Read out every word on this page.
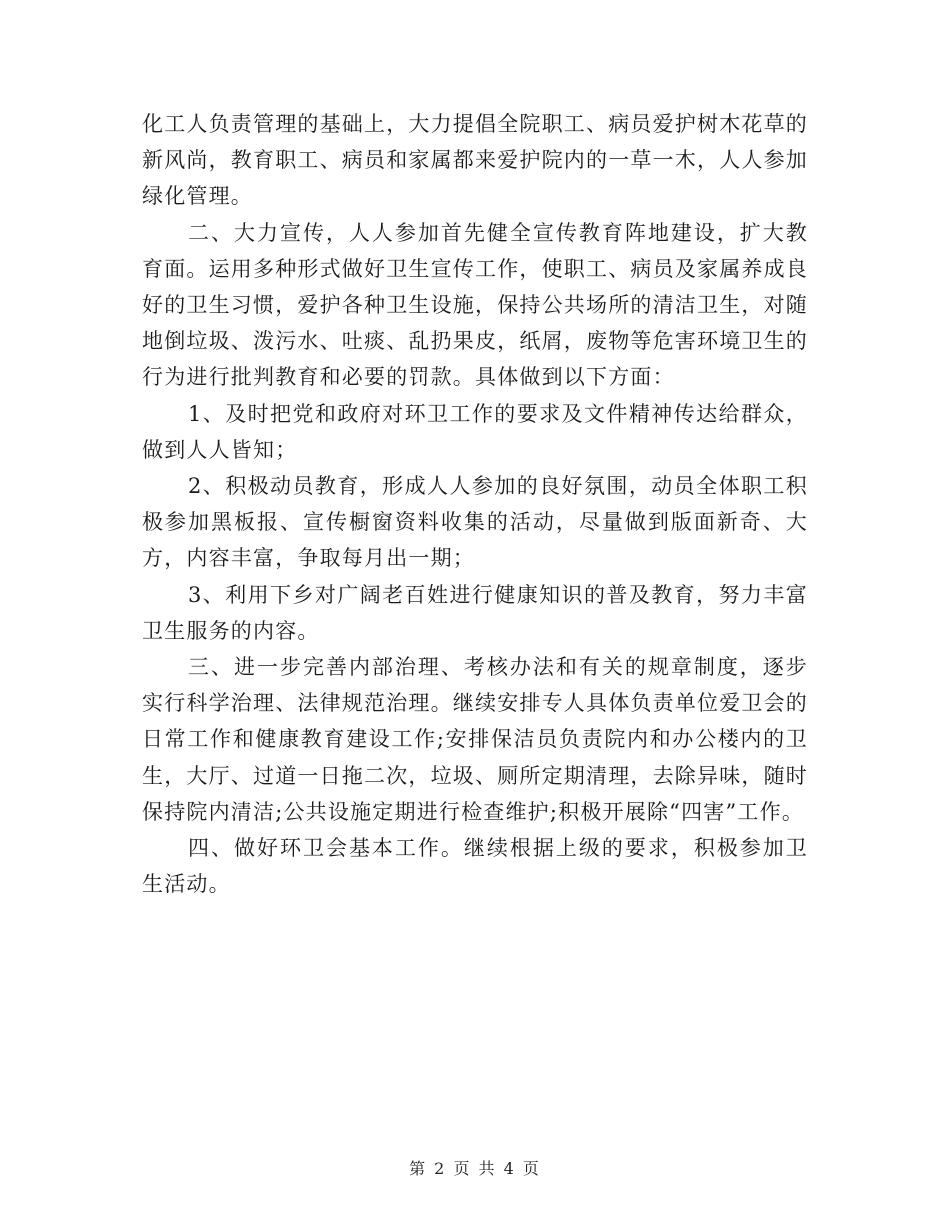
化工人负责管理的基础上，大力提倡全院职工、病员爱护树木花草的新风尚，教育职工、病员和家属都来爱护院内的一草一木，人人参加绿化管理。

二、大力宣传，人人参加首先健全宣传教育阵地建设，扩大教育面。运用多种形式做好卫生宣传工作，使职工、病员及家属养成良好的卫生习惯，爱护各种卫生设施，保持公共场所的清洁卫生，对随地倒垃圾、泼污水、吐痰、乱扔果皮，纸屑，废物等危害环境卫生的行为进行批判教育和必要的罚款。具体做到以下方面：

1、及时把党和政府对环卫工作的要求及文件精神传达给群众，做到人人皆知；

2、积极动员教育，形成人人参加的良好氛围，动员全体职工积极参加黑板报、宣传橱窗资料收集的活动，尽量做到版面新奇、大方，内容丰富，争取每月出一期；

3、利用下乡对广阔老百姓进行健康知识的普及教育，努力丰富卫生服务的内容。

三、进一步完善内部治理、考核办法和有关的规章制度，逐步实行科学治理、法律规范治理。继续安排专人具体负责单位爱卫会的日常工作和健康教育建设工作;安排保洁员负责院内和办公楼内的卫生，大厅、过道一日拖二次，垃圾、厕所定期清理，去除异味，随时保持院内清洁;公共设施定期进行检查维护;积极开展除“四害”工作。

四、做好环卫会基本工作。继续根据上级的要求，积极参加卫生活动。

第 2 页 共 4 页
